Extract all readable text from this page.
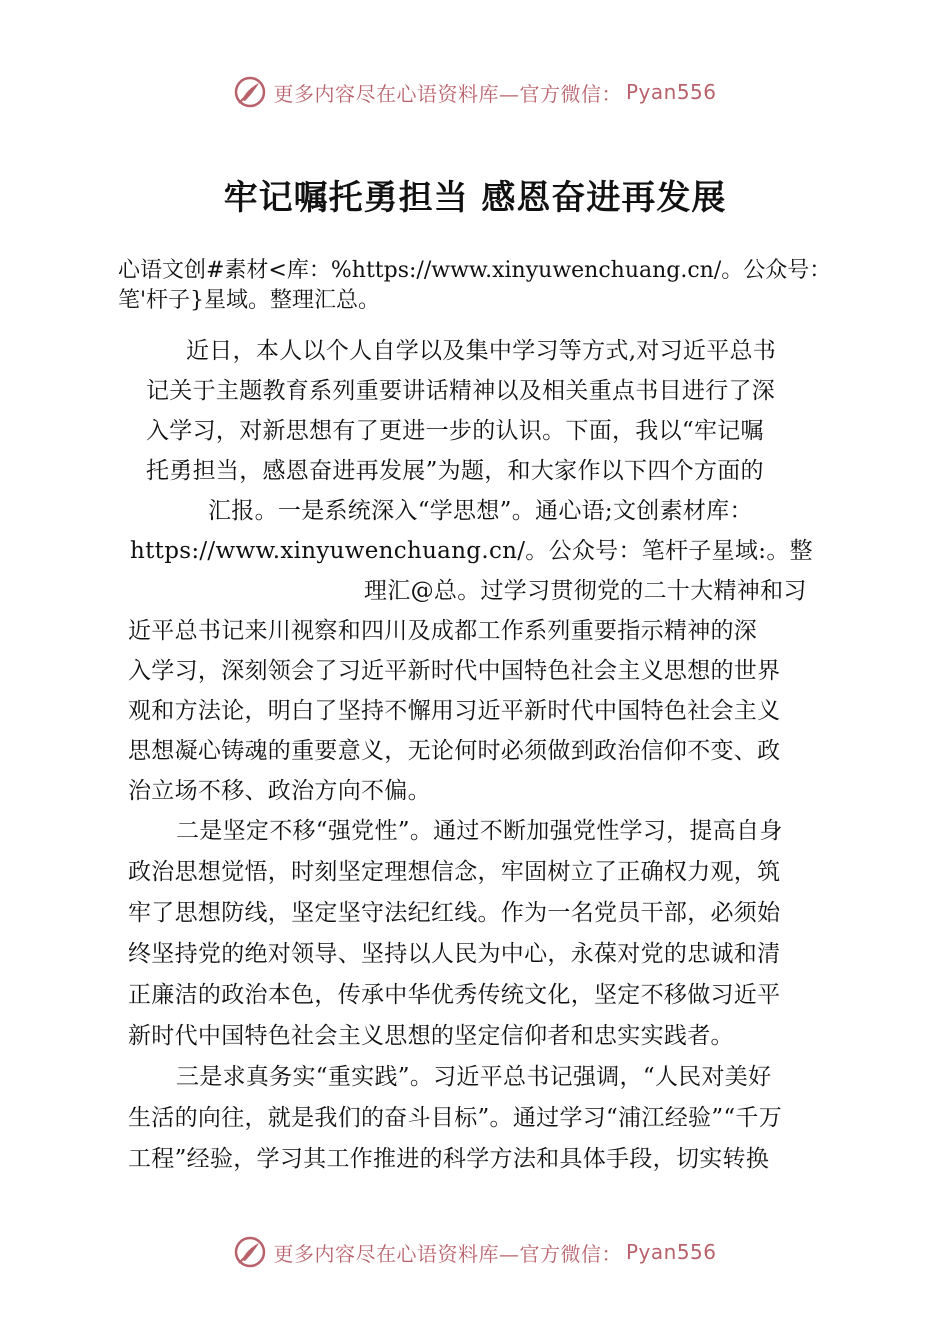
更多内容尽在心语资料库—官方微信： Pyan556
牢记嘱托勇担当 感恩奋进再发展
心语文创#素材<库：%https://www.xinyuwenchuang.cn/。公众号：
笔'杆子}星域。整理汇总。
近日，本人以个人自学以及集中学习等方式,对习近平总书
记关于主题教育系列重要讲话精神以及相关重点书目进行了深
入学习，对新思想有了更进一步的认识。下面，我以“牢记嘱
托勇担当，感恩奋进再发展”为题，和大家作以下四个方面的
汇报。一是系统深入“学思想”。通心语;文创素材库：
https://www.xinyuwenchuang.cn/。公众号：笔杆子星域:。整
理汇@总。过学习贯彻党的二十大精神和习
近平总书记来川视察和四川及成都工作系列重要指示精神的深
入学习，深刻领会了习近平新时代中国特色社会主义思想的世界
观和方法论，明白了坚持不懈用习近平新时代中国特色社会主义
思想凝心铸魂的重要意义，无论何时必须做到政治信仰不变、政
治立场不移、政治方向不偏。
二是坚定不移“强党性”。通过不断加强党性学习，提高自身
政治思想觉悟，时刻坚定理想信念，牢固树立了正确权力观，筑
牢了思想防线，坚定坚守法纪红线。作为一名党员干部，必须始
终坚持党的绝对领导、坚持以人民为中心，永葆对党的忠诚和清
正廉洁的政治本色，传承中华优秀传统文化，坚定不移做习近平
新时代中国特色社会主义思想的坚定信仰者和忠实实践者。
三是求真务实“重实践”。习近平总书记强调，“人民对美好
生活的向往，就是我们的奋斗目标”。通过学习“浦江经验”“千万
工程”经验，学习其工作推进的科学方法和具体手段，切实转换
更多内容尽在心语资料库—官方微信： Pyan556
